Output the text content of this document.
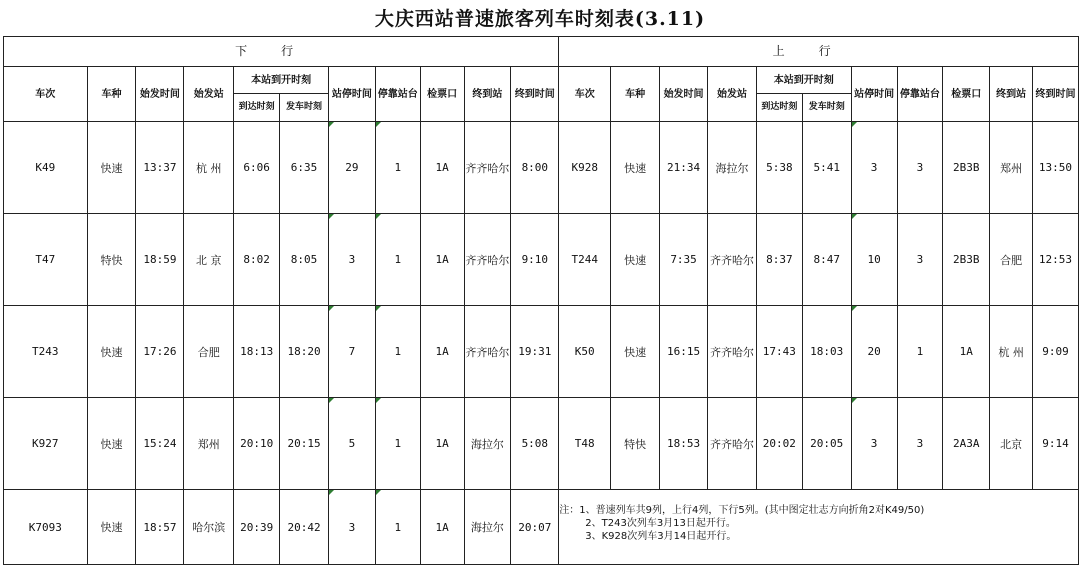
大庆西站普速旅客列车时刻表(3.11)
下行											上行										
车次	车种	始发时间	始发站	本站到开时刻		站停时间	停靠站台	检票口	终到站	终到时间	车次	车种	始发时间	始发站	本站到开时刻		站停时间	停靠站台	检票口	终到站	终到时间
				到达时刻	发车时刻										到达时刻	发车时刻					
K49	快速	13:37	杭 州	6:06	6:35	29	1	1A	齐齐哈尔	8:00	K928	快速	21:34	海拉尔	5:38	5:41	3	3	2B3B	郑州	13:50
T47	特快	18:59	北 京	8:02	8:05	3	1	1A	齐齐哈尔	9:10	T244	快速	7:35	齐齐哈尔	8:37	8:47	10	3	2B3B	合肥	12:53
T243	快速	17:26	合肥	18:13	18:20	7	1	1A	齐齐哈尔	19:31	K50	快速	16:15	齐齐哈尔	17:43	18:03	20	1	1A	杭 州	9:09
K927	快速	15:24	郑州	20:10	20:15	5	1	1A	海拉尔	5:08	T48	特快	18:53	齐齐哈尔	20:02	20:05	3	3	2A3A	北京	9:14
K7093	快速	18:57	哈尔滨	20:39	20:42	3	1	1A	海拉尔	20:07	注：1、普速列车共9列，上行4列，下行5列。(其中图定壮志方向折角2对K49/50)
2、T243次列车3月13日起开行。
3、K928次列车3月14日起开行。										
